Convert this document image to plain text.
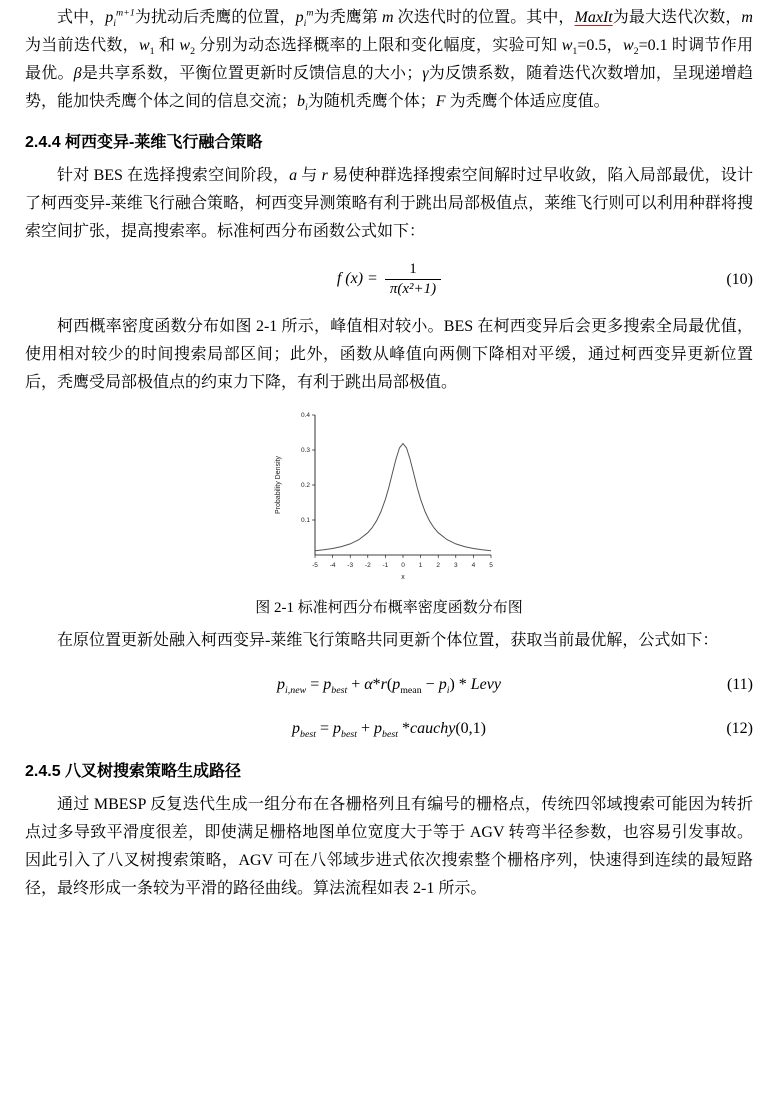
式中，$p_i^{m+1}$为扰动后秃鹰的位置，$p_i^m$为秃鹰第 m 次迭代时的位置。其中，MaxIt为最大迭代次数，m 为当前迭代数，$w_1$ 和 $w_2$ 分别为动态选择概率的上限和变化幅度，实验可知 $w_1=0.5$，$w_2=0.1$ 时调节作用最优。β是共享系数，平衡位置更新时反馈信息的大小；γ为反馈系数，随着迭代次数增加，呈现递增趋势，能加快秃鹰个体之间的信息交流；$b_i$为随机秃鹰个体；F 为秃鹰个体适应度值。

2.4.4 柯西变异-莱维飞行融合策略

针对 BES 在选择搜索空间阶段，a 与 r 易使种群选择搜索空间解时过早收敛，陷入局部最优，设计了柯西变异-莱维飞行融合策略，柯西变异测策略有利于跳出局部极值点，莱维飞行则可以利用种群将搜索空间扩张，提高搜索率。标准柯西分布函数公式如下：

f $(x) = \frac{1}{\text{π(x²+1)}}$	(10)

柯西概率密度函数分布如图 2-1 所示，峰值相对较小。BES 在柯西变异后会更多搜索全局最优值，使用相对较少的时间搜索局部区间；此外，函数从峰值向两侧下降相对平缓，通过柯西变异更新位置后，秃鹰受局部极值点的约束力下降，有利于跳出局部极值。

-5 -4 -3 -2 -1 0 1 2 3 4 5
0.1
0.2
0.3
0.4
x
Probability Density
图 2-1 标准柯西分布概率密度函数分布图

在原位置更新处融入柯西变异-莱维飞行策略共同更新个体位置，获取当前最优解，公式如下：

$p_{i,new} = p_{best} + \alpha*r(p_{mean} - p_i)$ * Levy	(11)
$p_{best} = p_{best} + p_{best}$ *cauchy(0,1)	(12)
2.4.5 八叉树搜索策略生成路径

通过 MBESP 反复迭代生成一组分布在各栅格列且有编号的栅格点，传统四邻域搜索可能因为转折点过多导致平滑度很差，即使满足栅格地图单位宽度大于等于 AGV 转弯半径参数，也容易引发事故。因此引入了八叉树搜索策略，AGV 可在八邻域步进式依次搜索整个栅格序列，快速得到连续的最短路径，最终形成一条较为平滑的路径曲线。算法流程如表 2-1 所示。
